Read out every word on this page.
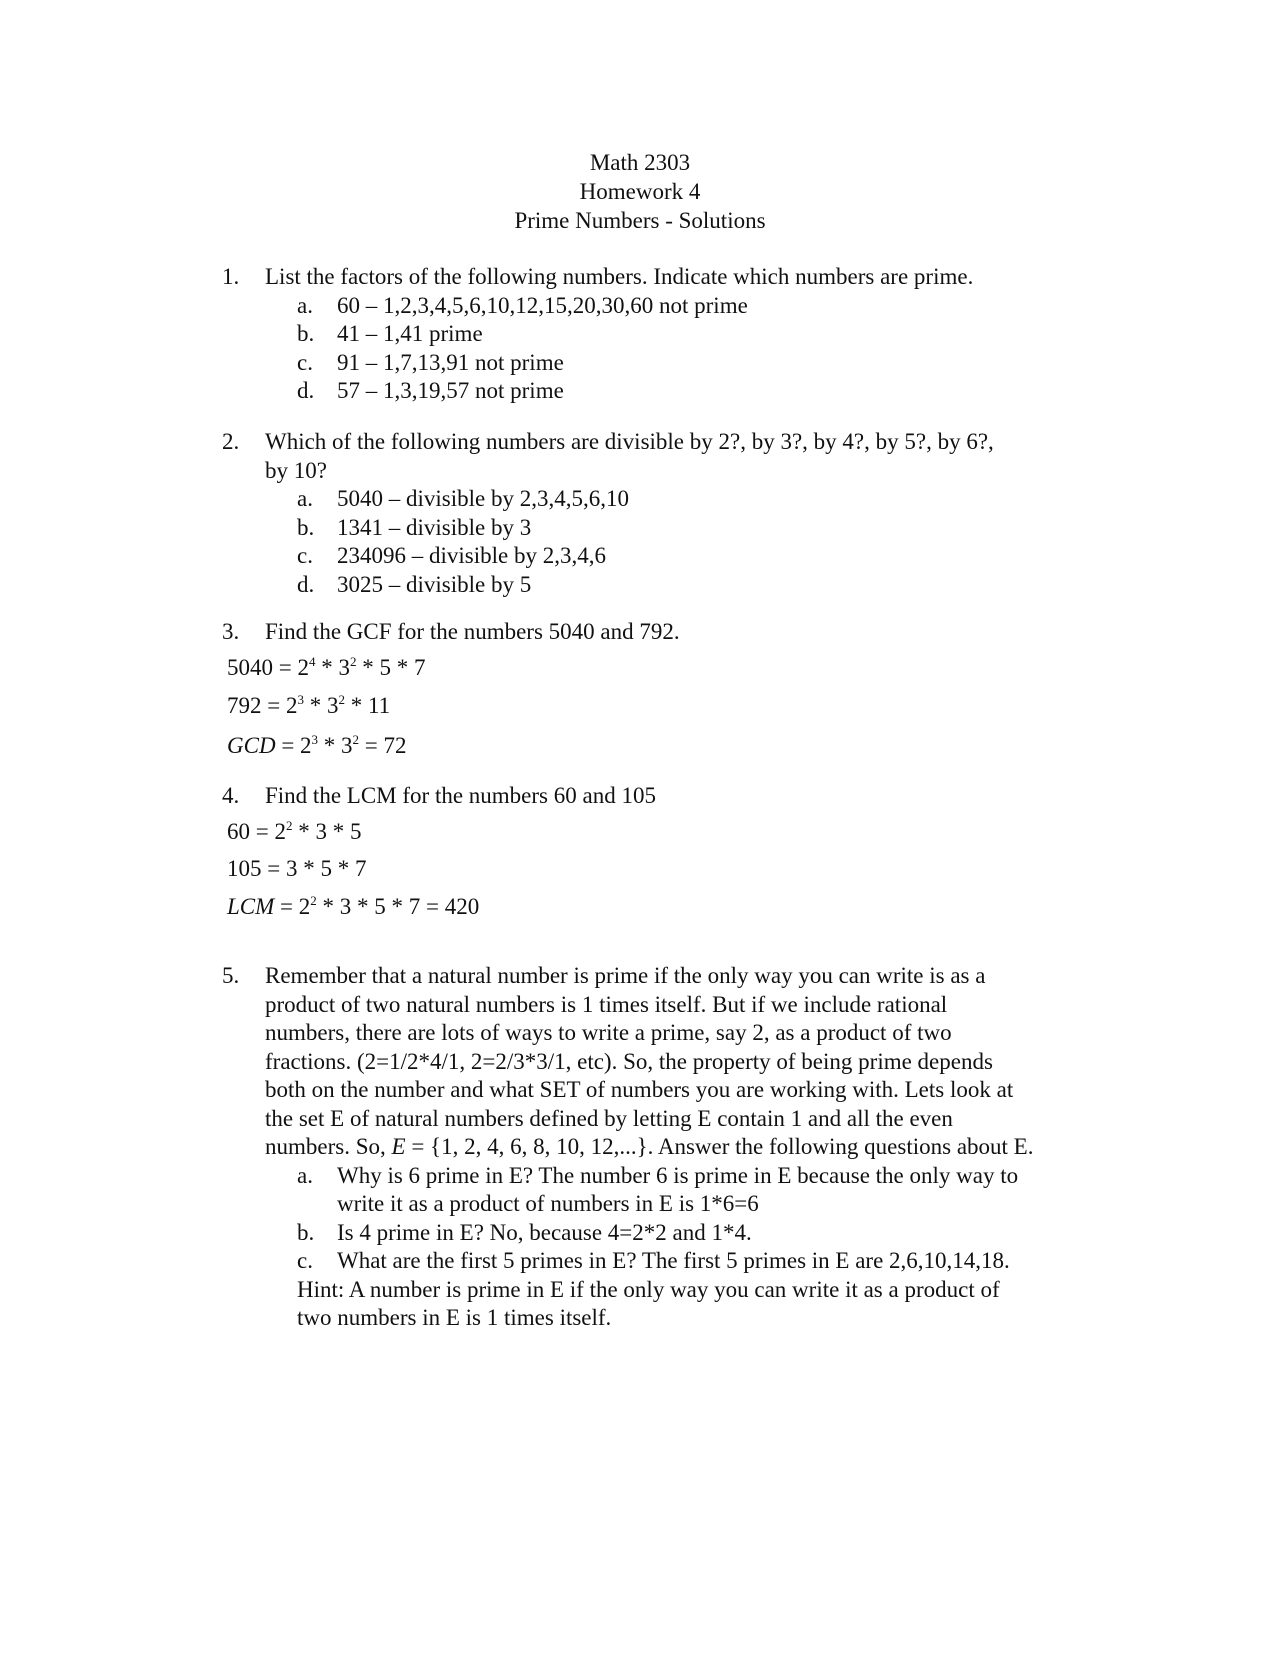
Math 2303
Homework 4
Prime Numbers - Solutions
1. List the factors of the following numbers. Indicate which numbers are prime.
a. 60 – 1,2,3,4,5,6,10,12,15,20,30,60 not prime
b. 41 – 1,41 prime
c. 91 – 1,7,13,91 not prime
d. 57 – 1,3,19,57 not prime
2. Which of the following numbers are divisible by 2?, by 3?, by 4?, by 5?, by 6?,
by 10?
a. 5040 – divisible by 2,3,4,5,6,10
b. 1341 – divisible by 3
c. 234096 – divisible by 2,3,4,6
d. 3025 – divisible by 5
3. Find the GCF for the numbers 5040 and 792.
$5040 = 2^4 * 3^2 * 5 * 7$
$792 = 2^3 * 3^2 * 11$
GCD = $2^3 * 3^2 = 72$
4. Find the LCM for the numbers 60 and 105
$60 = 2^2 * 3 * 5$
105 = 3 * 5 * 7
LCM = $2^2 * 3 * 5 * 7 = 420$
5. Remember that a natural number is prime if the only way you can write is as a
product of two natural numbers is 1 times itself. But if we include rational
numbers, there are lots of ways to write a prime, say 2, as a product of two
fractions. (2=1/2*4/1, 2=2/3*3/1, etc). So, the property of being prime depends
both on the number and what SET of numbers you are working with. Lets look at
the set E of natural numbers defined by letting E contain 1 and all the even
numbers. So, E = {1, 2, 4, 6, 8, 10, 12,...}. Answer the following questions about E.
a. Why is 6 prime in E? The number 6 is prime in E because the only way to
write it as a product of numbers in E is 1*6=6
b. Is 4 prime in E? No, because 4=2*2 and 1*4.
c. What are the first 5 primes in E? The first 5 primes in E are 2,6,10,14,18.
Hint: A number is prime in E if the only way you can write it as a product of
two numbers in E is 1 times itself.
